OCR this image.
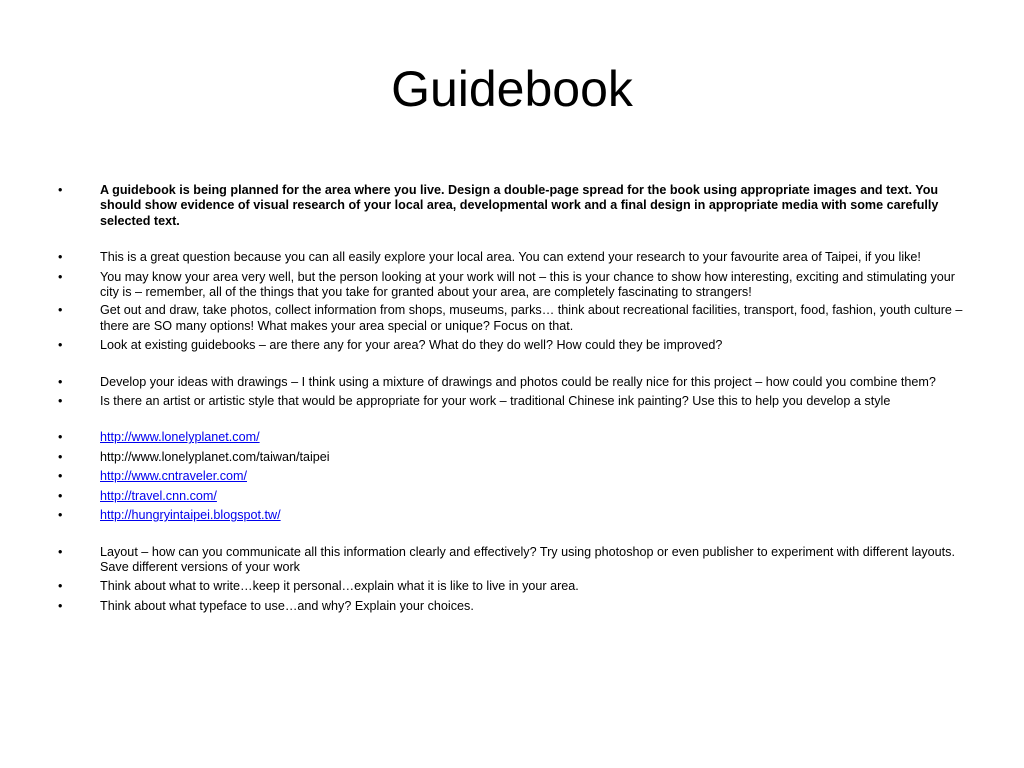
Guidebook
•	A guidebook is being planned for the area where you live. Design a double-page spread for the book using appropriate images and text. You should show evidence of visual research of your local area, developmental work and a final design in appropriate media with some carefully selected text.
•	This is a great question because you can all easily explore your local area. You can extend your research to your favourite area of Taipei, if you like!
•	You may know your area very well, but the person looking at your work will not – this is your chance to show how interesting, exciting and stimulating your city is – remember, all of the things that you take for granted about your area, are completely fascinating to strangers!
•	Get out and draw, take photos, collect information from shops, museums, parks… think about recreational facilities, transport, food, fashion, youth culture – there are SO many options! What makes your area special or unique? Focus on that.
•	Look at existing guidebooks – are there any for your area? What do they do well? How could they be improved?
•	Develop your ideas with drawings – I think using a mixture of drawings and photos could be really nice for this project – how could you combine them?
•	Is there an artist or artistic style that would be appropriate for your work – traditional Chinese ink painting? Use this to help you develop a style
•	http://www.lonelyplanet.com/
•	http://www.lonelyplanet.com/taiwan/taipei
•	http://www.cntraveler.com/
•	http://travel.cnn.com/
•	http://hungryintaipei.blogspot.tw/
•	Layout – how can you communicate all this information clearly and effectively? Try using photoshop or even publisher to experiment with different layouts. Save different versions of your work
•	Think about what to write…keep it personal…explain what it is like to live in your area.
•	Think about what typeface to use…and why? Explain your choices.
